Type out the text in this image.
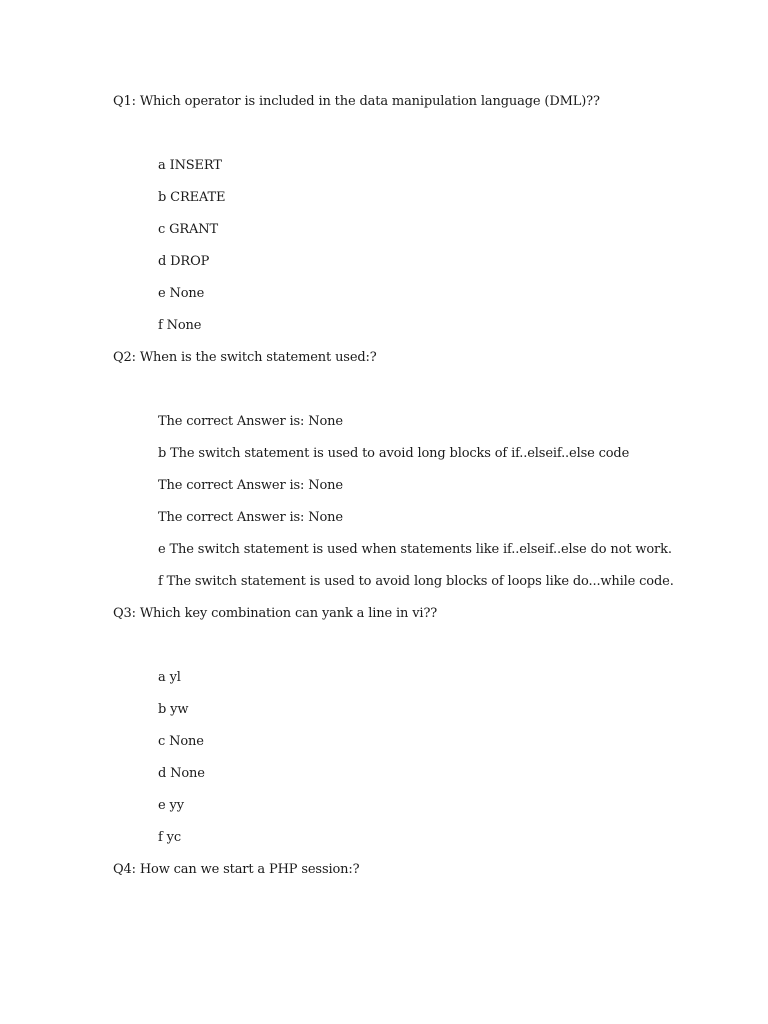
Q1: Which operator is included in the data manipulation language (DML)??
a INSERT
b CREATE
c GRANT
d DROP
e None
f None
Q2: When is the switch statement used:?
The correct Answer is: None
b The switch statement is used to avoid long blocks of if..elseif..else code
The correct Answer is: None
The correct Answer is: None
e The switch statement is used when statements like if..elseif..else do not work.
f The switch statement is used to avoid long blocks of loops like do...while code.
Q3: Which key combination can yank a line in vi??
a yl
b yw
c None
d None
e yy
f yc
Q4: How can we start a PHP session:?
